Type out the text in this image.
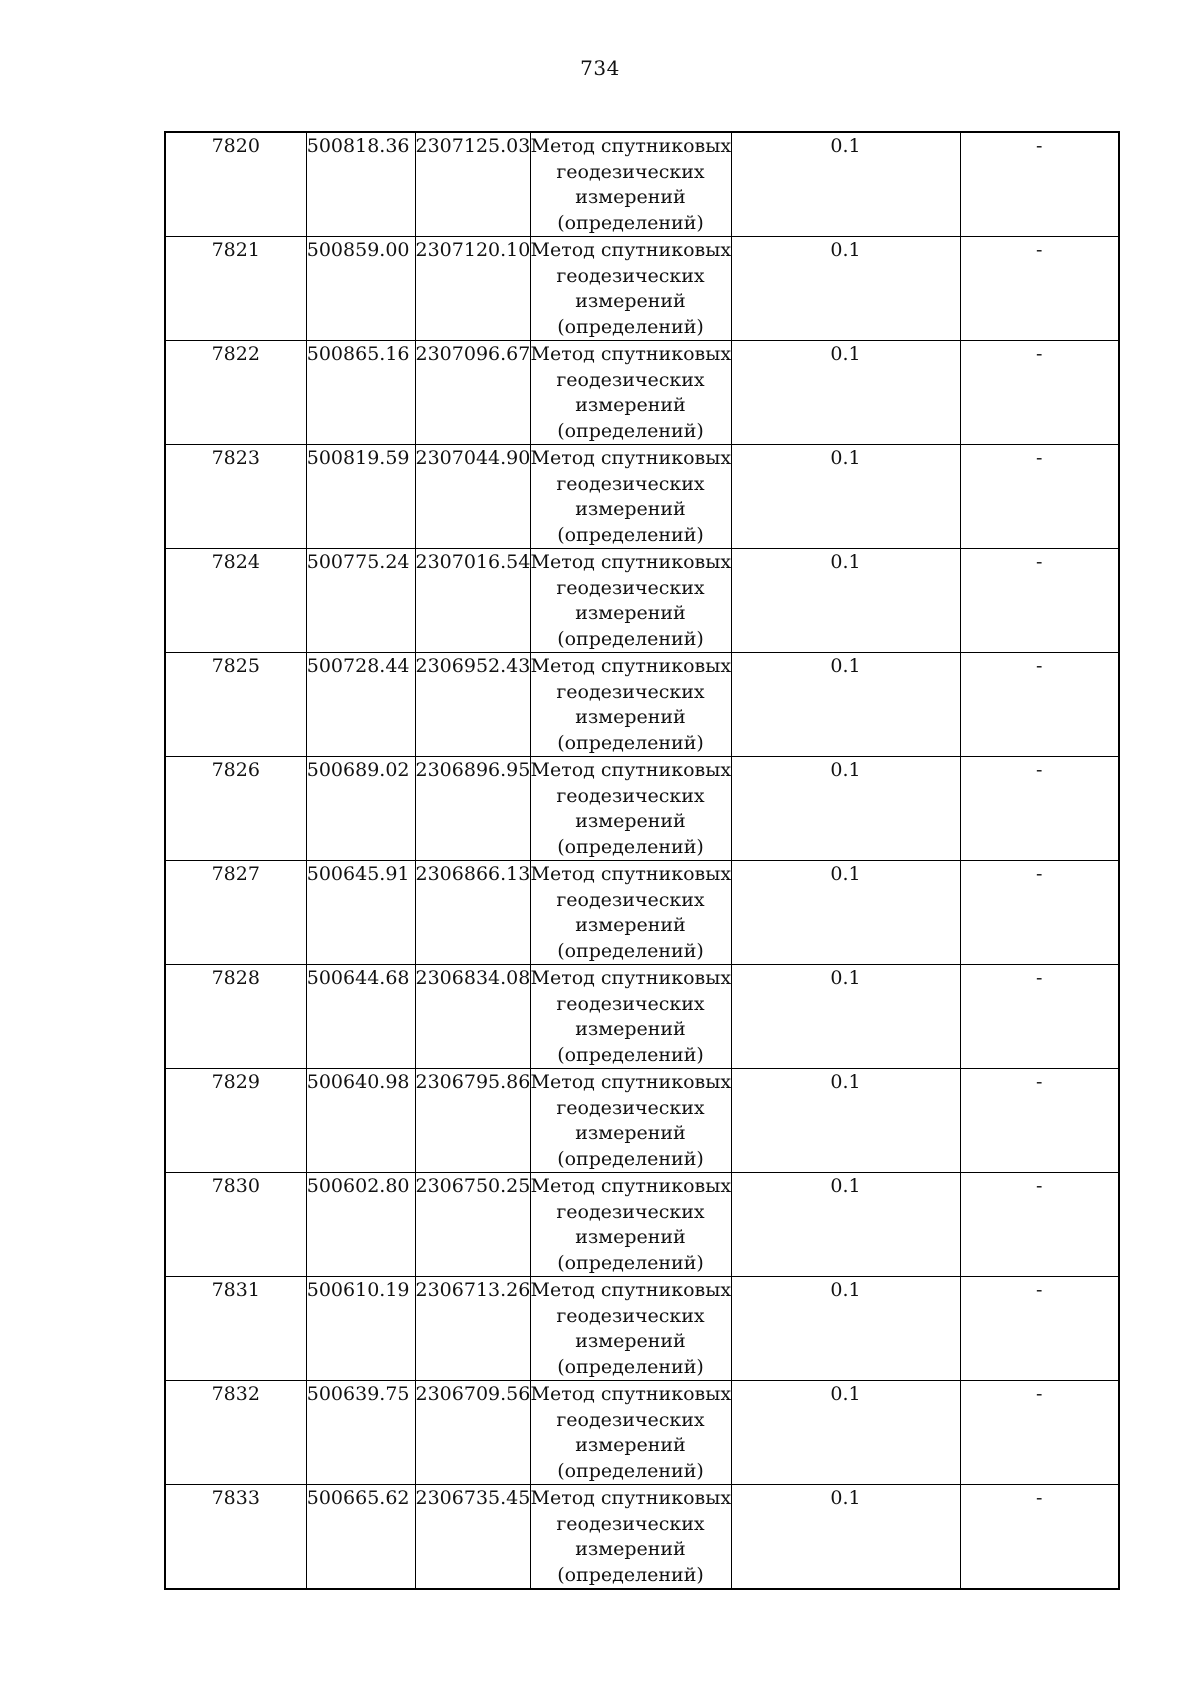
734
7820	500818.36	2307125.03	Метод спутниковых
геодезических
измерений
(определений)	0.1	-
7821	500859.00	2307120.10	Метод спутниковых
геодезических
измерений
(определений)	0.1	-
7822	500865.16	2307096.67	Метод спутниковых
геодезических
измерений
(определений)	0.1	-
7823	500819.59	2307044.90	Метод спутниковых
геодезических
измерений
(определений)	0.1	-
7824	500775.24	2307016.54	Метод спутниковых
геодезических
измерений
(определений)	0.1	-
7825	500728.44	2306952.43	Метод спутниковых
геодезических
измерений
(определений)	0.1	-
7826	500689.02	2306896.95	Метод спутниковых
геодезических
измерений
(определений)	0.1	-
7827	500645.91	2306866.13	Метод спутниковых
геодезических
измерений
(определений)	0.1	-
7828	500644.68	2306834.08	Метод спутниковых
геодезических
измерений
(определений)	0.1	-
7829	500640.98	2306795.86	Метод спутниковых
геодезических
измерений
(определений)	0.1	-
7830	500602.80	2306750.25	Метод спутниковых
геодезических
измерений
(определений)	0.1	-
7831	500610.19	2306713.26	Метод спутниковых
геодезических
измерений
(определений)	0.1	-
7832	500639.75	2306709.56	Метод спутниковых
геодезических
измерений
(определений)	0.1	-
7833	500665.62	2306735.45	Метод спутниковых
геодезических
измерений
(определений)	0.1	-
